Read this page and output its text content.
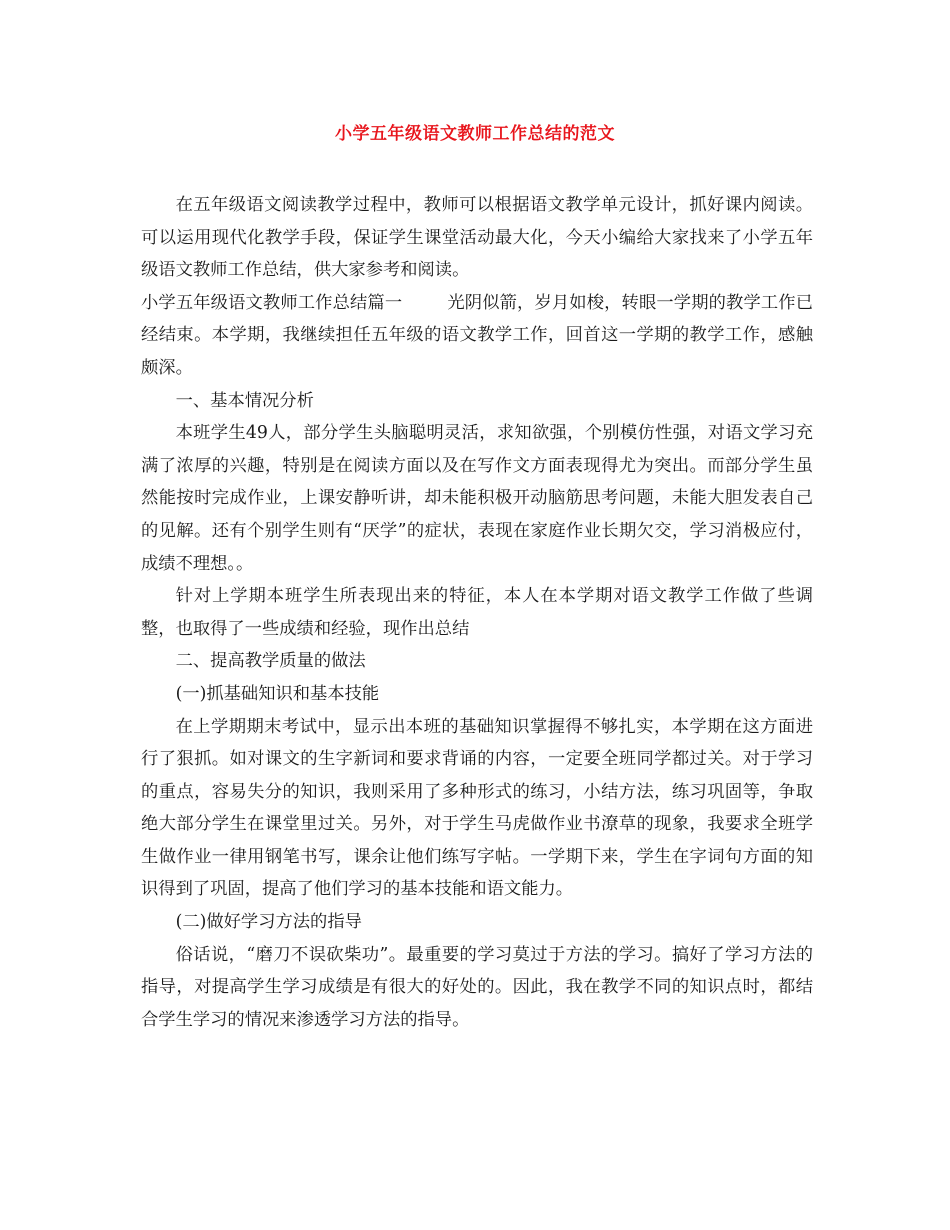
小学五年级语文教师工作总结的范文

在五年级语文阅读教学过程中，教师可以根据语文教学单元设计，抓好课内阅读。可以运用现代化教学手段，保证学生课堂活动最大化，今天小编给大家找来了小学五年级语文教师工作总结，供大家参考和阅读。

小学五年级语文教师工作总结篇一	光阴似箭，岁月如梭，转眼一学期的教学工作已经结束。本学期，我继续担任五年级的语文教学工作，回首这一学期的教学工作，感触颇深。

一、基本情况分析

本班学生49人，部分学生头脑聪明灵活，求知欲强，个别模仿性强，对语文学习充满了浓厚的兴趣，特别是在阅读方面以及在写作文方面表现得尤为突出。而部分学生虽然能按时完成作业，上课安静听讲，却未能积极开动脑筋思考问题，未能大胆发表自己的见解。还有个别学生则有“厌学”的症状，表现在家庭作业长期欠交，学习消极应付，成绩不理想。。

针对上学期本班学生所表现出来的特征，本人在本学期对语文教学工作做了些调整，也取得了一些成绩和经验，现作出总结

二、提高教学质量的做法

(一)抓基础知识和基本技能

在上学期期末考试中，显示出本班的基础知识掌握得不够扎实，本学期在这方面进行了狠抓。如对课文的生字新词和要求背诵的内容，一定要全班同学都过关。对于学习的重点，容易失分的知识，我则采用了多种形式的练习，小结方法，练习巩固等，争取绝大部分学生在课堂里过关。另外，对于学生马虎做作业书潦草的现象，我要求全班学生做作业一律用钢笔书写，课余让他们练写字帖。一学期下来，学生在字词句方面的知识得到了巩固，提高了他们学习的基本技能和语文能力。

(二)做好学习方法的指导

俗话说，“磨刀不误砍柴功”。最重要的学习莫过于方法的学习。搞好了学习方法的指导，对提高学生学习成绩是有很大的好处的。因此，我在教学不同的知识点时，都结合学生学习的情况来渗透学习方法的指导。
